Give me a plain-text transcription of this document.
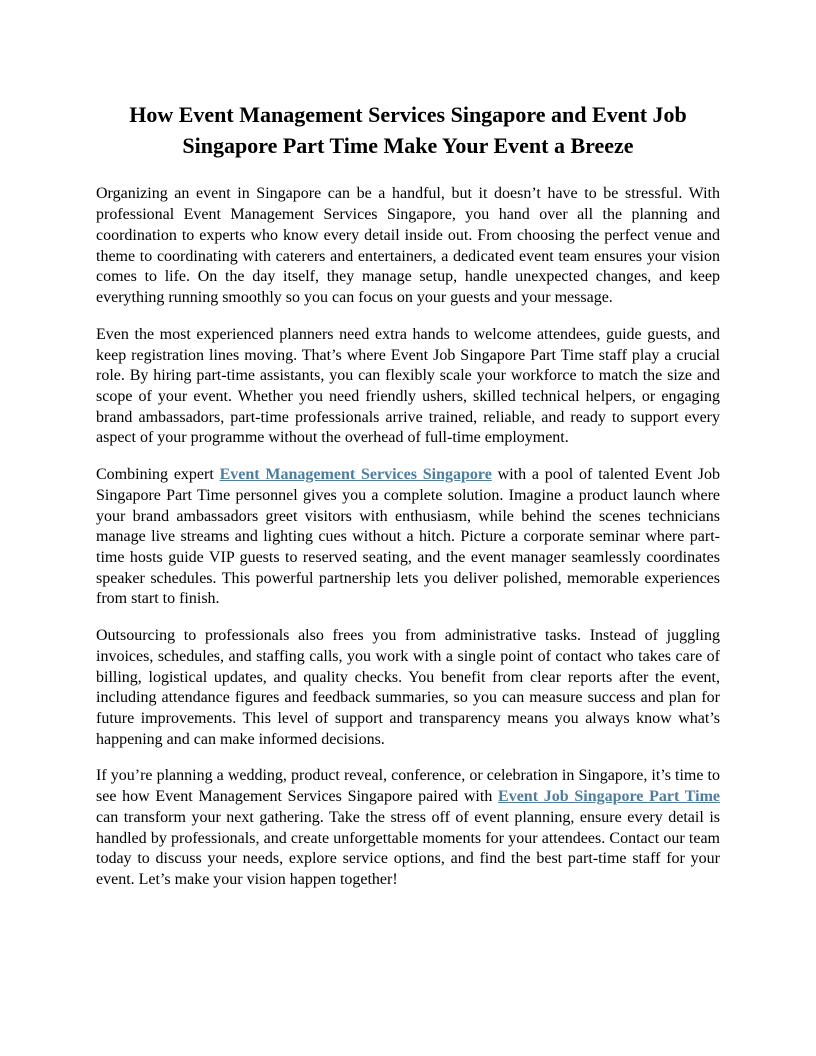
How Event Management Services Singapore and Event Job Singapore Part Time Make Your Event a Breeze

Organizing an event in Singapore can be a handful, but it doesn’t have to be stressful. With professional Event Management Services Singapore, you hand over all the planning and coordination to experts who know every detail inside out. From choosing the perfect venue and theme to coordinating with caterers and entertainers, a dedicated event team ensures your vision comes to life. On the day itself, they manage setup, handle unexpected changes, and keep everything running smoothly so you can focus on your guests and your message.

Even the most experienced planners need extra hands to welcome attendees, guide guests, and keep registration lines moving. That’s where Event Job Singapore Part Time staff play a crucial role. By hiring part-time assistants, you can flexibly scale your workforce to match the size and scope of your event. Whether you need friendly ushers, skilled technical helpers, or engaging brand ambassadors, part-time professionals arrive trained, reliable, and ready to support every aspect of your programme without the overhead of full-time employment.

Combining expert Event Management Services Singapore with a pool of talented Event Job Singapore Part Time personnel gives you a complete solution. Imagine a product launch where your brand ambassadors greet visitors with enthusiasm, while behind the scenes technicians manage live streams and lighting cues without a hitch. Picture a corporate seminar where part-time hosts guide VIP guests to reserved seating, and the event manager seamlessly coordinates speaker schedules. This powerful partnership lets you deliver polished, memorable experiences from start to finish.

Outsourcing to professionals also frees you from administrative tasks. Instead of juggling invoices, schedules, and staffing calls, you work with a single point of contact who takes care of billing, logistical updates, and quality checks. You benefit from clear reports after the event, including attendance figures and feedback summaries, so you can measure success and plan for future improvements. This level of support and transparency means you always know what’s happening and can make informed decisions.

If you’re planning a wedding, product reveal, conference, or celebration in Singapore, it’s time to see how Event Management Services Singapore paired with Event Job Singapore Part Time can transform your next gathering. Take the stress off of event planning, ensure every detail is handled by professionals, and create unforgettable moments for your attendees. Contact our team today to discuss your needs, explore service options, and find the best part-time staff for your event. Let’s make your vision happen together!
